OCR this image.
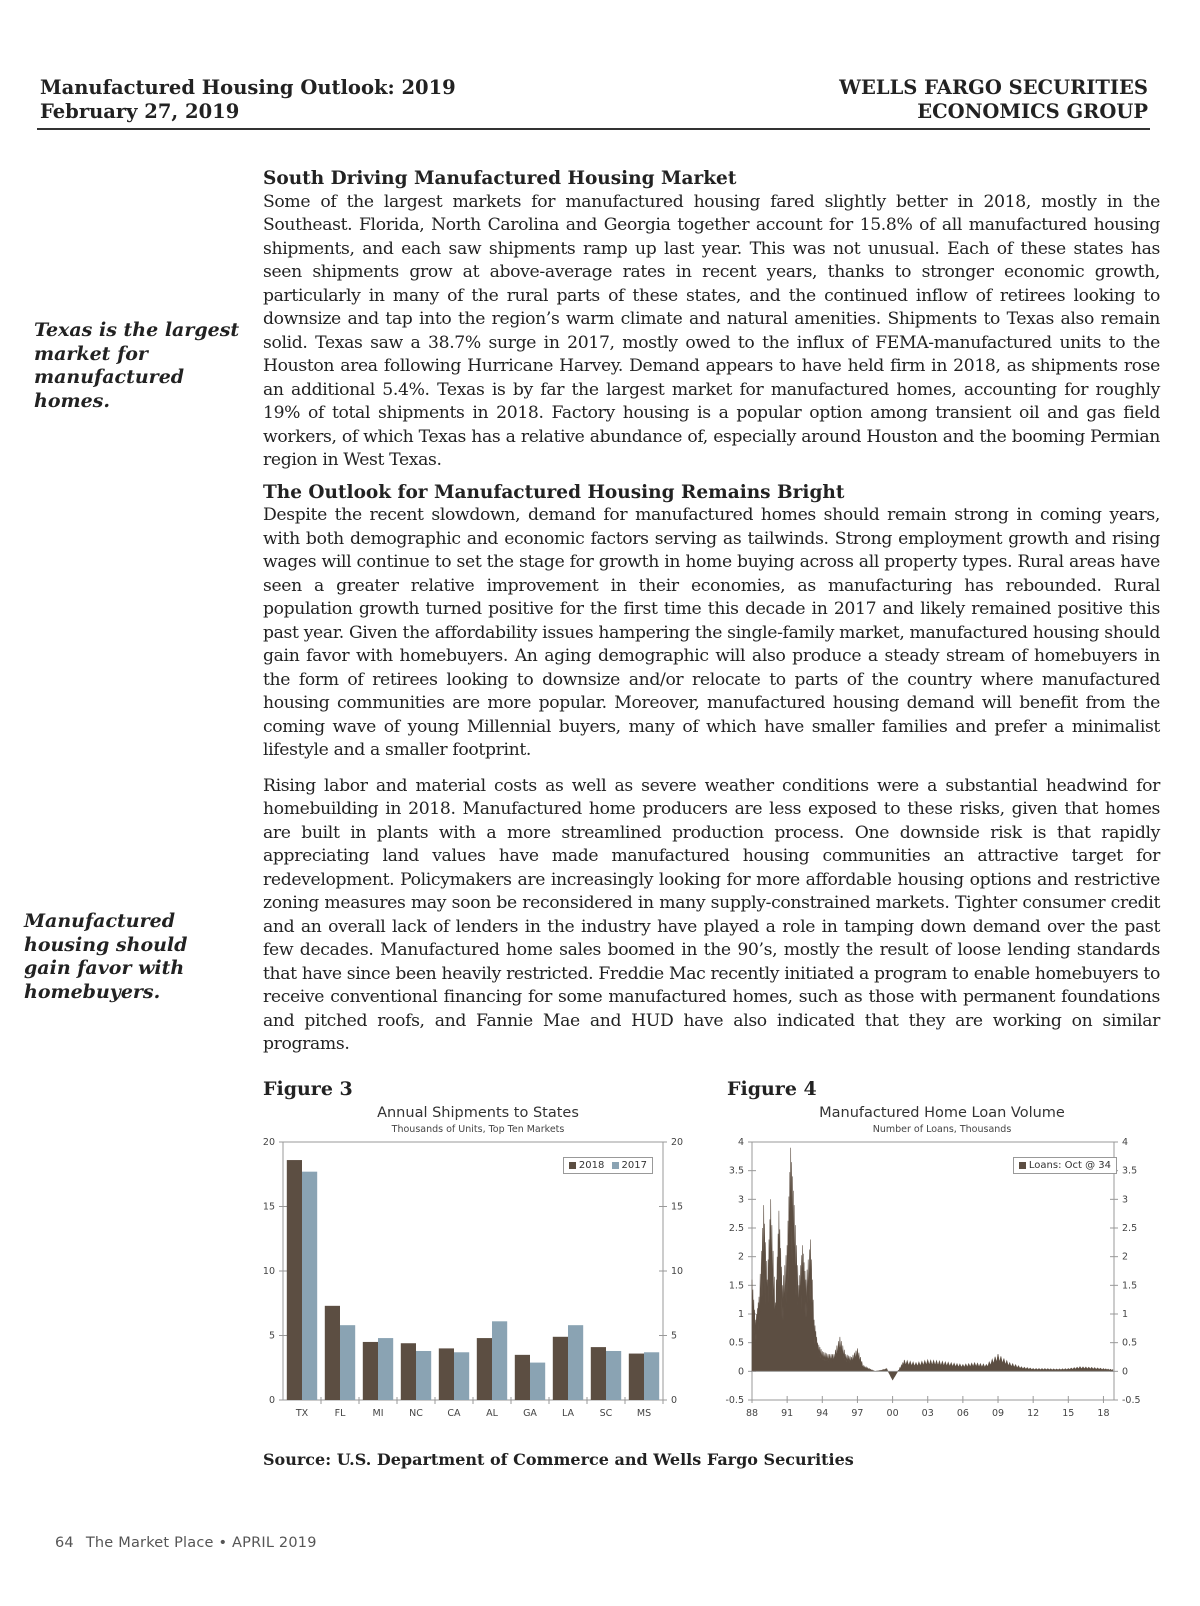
Manufactured Housing Outlook: 2019
February 27, 2019
WELLS FARGO SECURITIES
ECONOMICS GROUP
Texas is the largest market for manufactured homes.
Manufactured housing should gain favor with homebuyers.
South Driving Manufactured Housing Market

Some of the largest markets for manufactured housing fared slightly better in 2018, mostly in the Southeast. Florida, North Carolina and Georgia together account for 15.8% of all manufactured housing shipments, and each saw shipments ramp up last year. This was not unusual. Each of these states has seen shipments grow at above-average rates in recent years, thanks to stronger economic growth, particularly in many of the rural parts of these states, and the continued inflow of retirees looking to downsize and tap into the region’s warm climate and natural amenities. Shipments to Texas also remain solid. Texas saw a 38.7% surge in 2017, mostly owed to the influx of FEMA-manufactured units to the Houston area following Hurricane Harvey. Demand appears to have held firm in 2018, as shipments rose an additional 5.4%. Texas is by far the largest market for manufactured homes, accounting for roughly 19% of total shipments in 2018. Factory housing is a popular option among transient oil and gas field workers, of which Texas has a relative abundance of, especially around Houston and the booming Permian region in West Texas.

The Outlook for Manufactured Housing Remains Bright

Despite the recent slowdown, demand for manufactured homes should remain strong in coming years, with both demographic and economic factors serving as tailwinds. Strong employment growth and rising wages will continue to set the stage for growth in home buying across all property types. Rural areas have seen a greater relative improvement in their economies, as manufacturing has rebounded. Rural population growth turned positive for the first time this decade in 2017 and likely remained positive this past year. Given the affordability issues hampering the single-family market, manufactured housing should gain favor with homebuyers. An aging demographic will also produce a steady stream of homebuyers in the form of retirees looking to downsize and/or relocate to parts of the country where manufactured housing communities are more popular. Moreover, manufactured housing demand will benefit from the coming wave of young Millennial buyers, many of which have smaller families and prefer a minimalist lifestyle and a smaller footprint.

Rising labor and material costs as well as severe weather conditions were a substantial headwind for homebuilding in 2018. Manufactured home producers are less exposed to these risks, given that homes are built in plants with a more streamlined production process. One downside risk is that rapidly appreciating land values have made manufactured housing communities an attractive target for redevelopment. Policymakers are increasingly looking for more affordable housing options and restrictive zoning measures may soon be reconsidered in many supply-constrained markets. Tighter consumer credit and an overall lack of lenders in the industry have played a role in tamping down demand over the past few decades. Manufactured home sales boomed in the 90’s, mostly the result of loose lending standards that have since been heavily restricted. Freddie Mac recently initiated a program to enable homebuyers to receive conventional financing for some manufactured homes, such as those with permanent foundations and pitched roofs, and Fannie Mae and HUD have also indicated that they are working on similar programs.

Figure 3	Figure 4
Annual Shipments to States
Thousands of Units, Top Ten Markets
0	0
5	5
10	10
15	15
20	20
TX	FL	MI	NC	CA	AL	GA	LA	SC	MS
2018 2017
Manufactured Home Loan Volume
Number of Loans, Thousands
-0.5	-0.5
0	0
0.5	0.5
1	1
1.5	1.5
2	2
2.5	2.5
3	3
3.5	3.5
4	4
88 91 94 97 00 03 06 09 12 15 18
Loans: Oct @ 34
Source: U.S. Department of Commerce and Wells Fargo Securities
64 The Market Place • APRIL 2019
